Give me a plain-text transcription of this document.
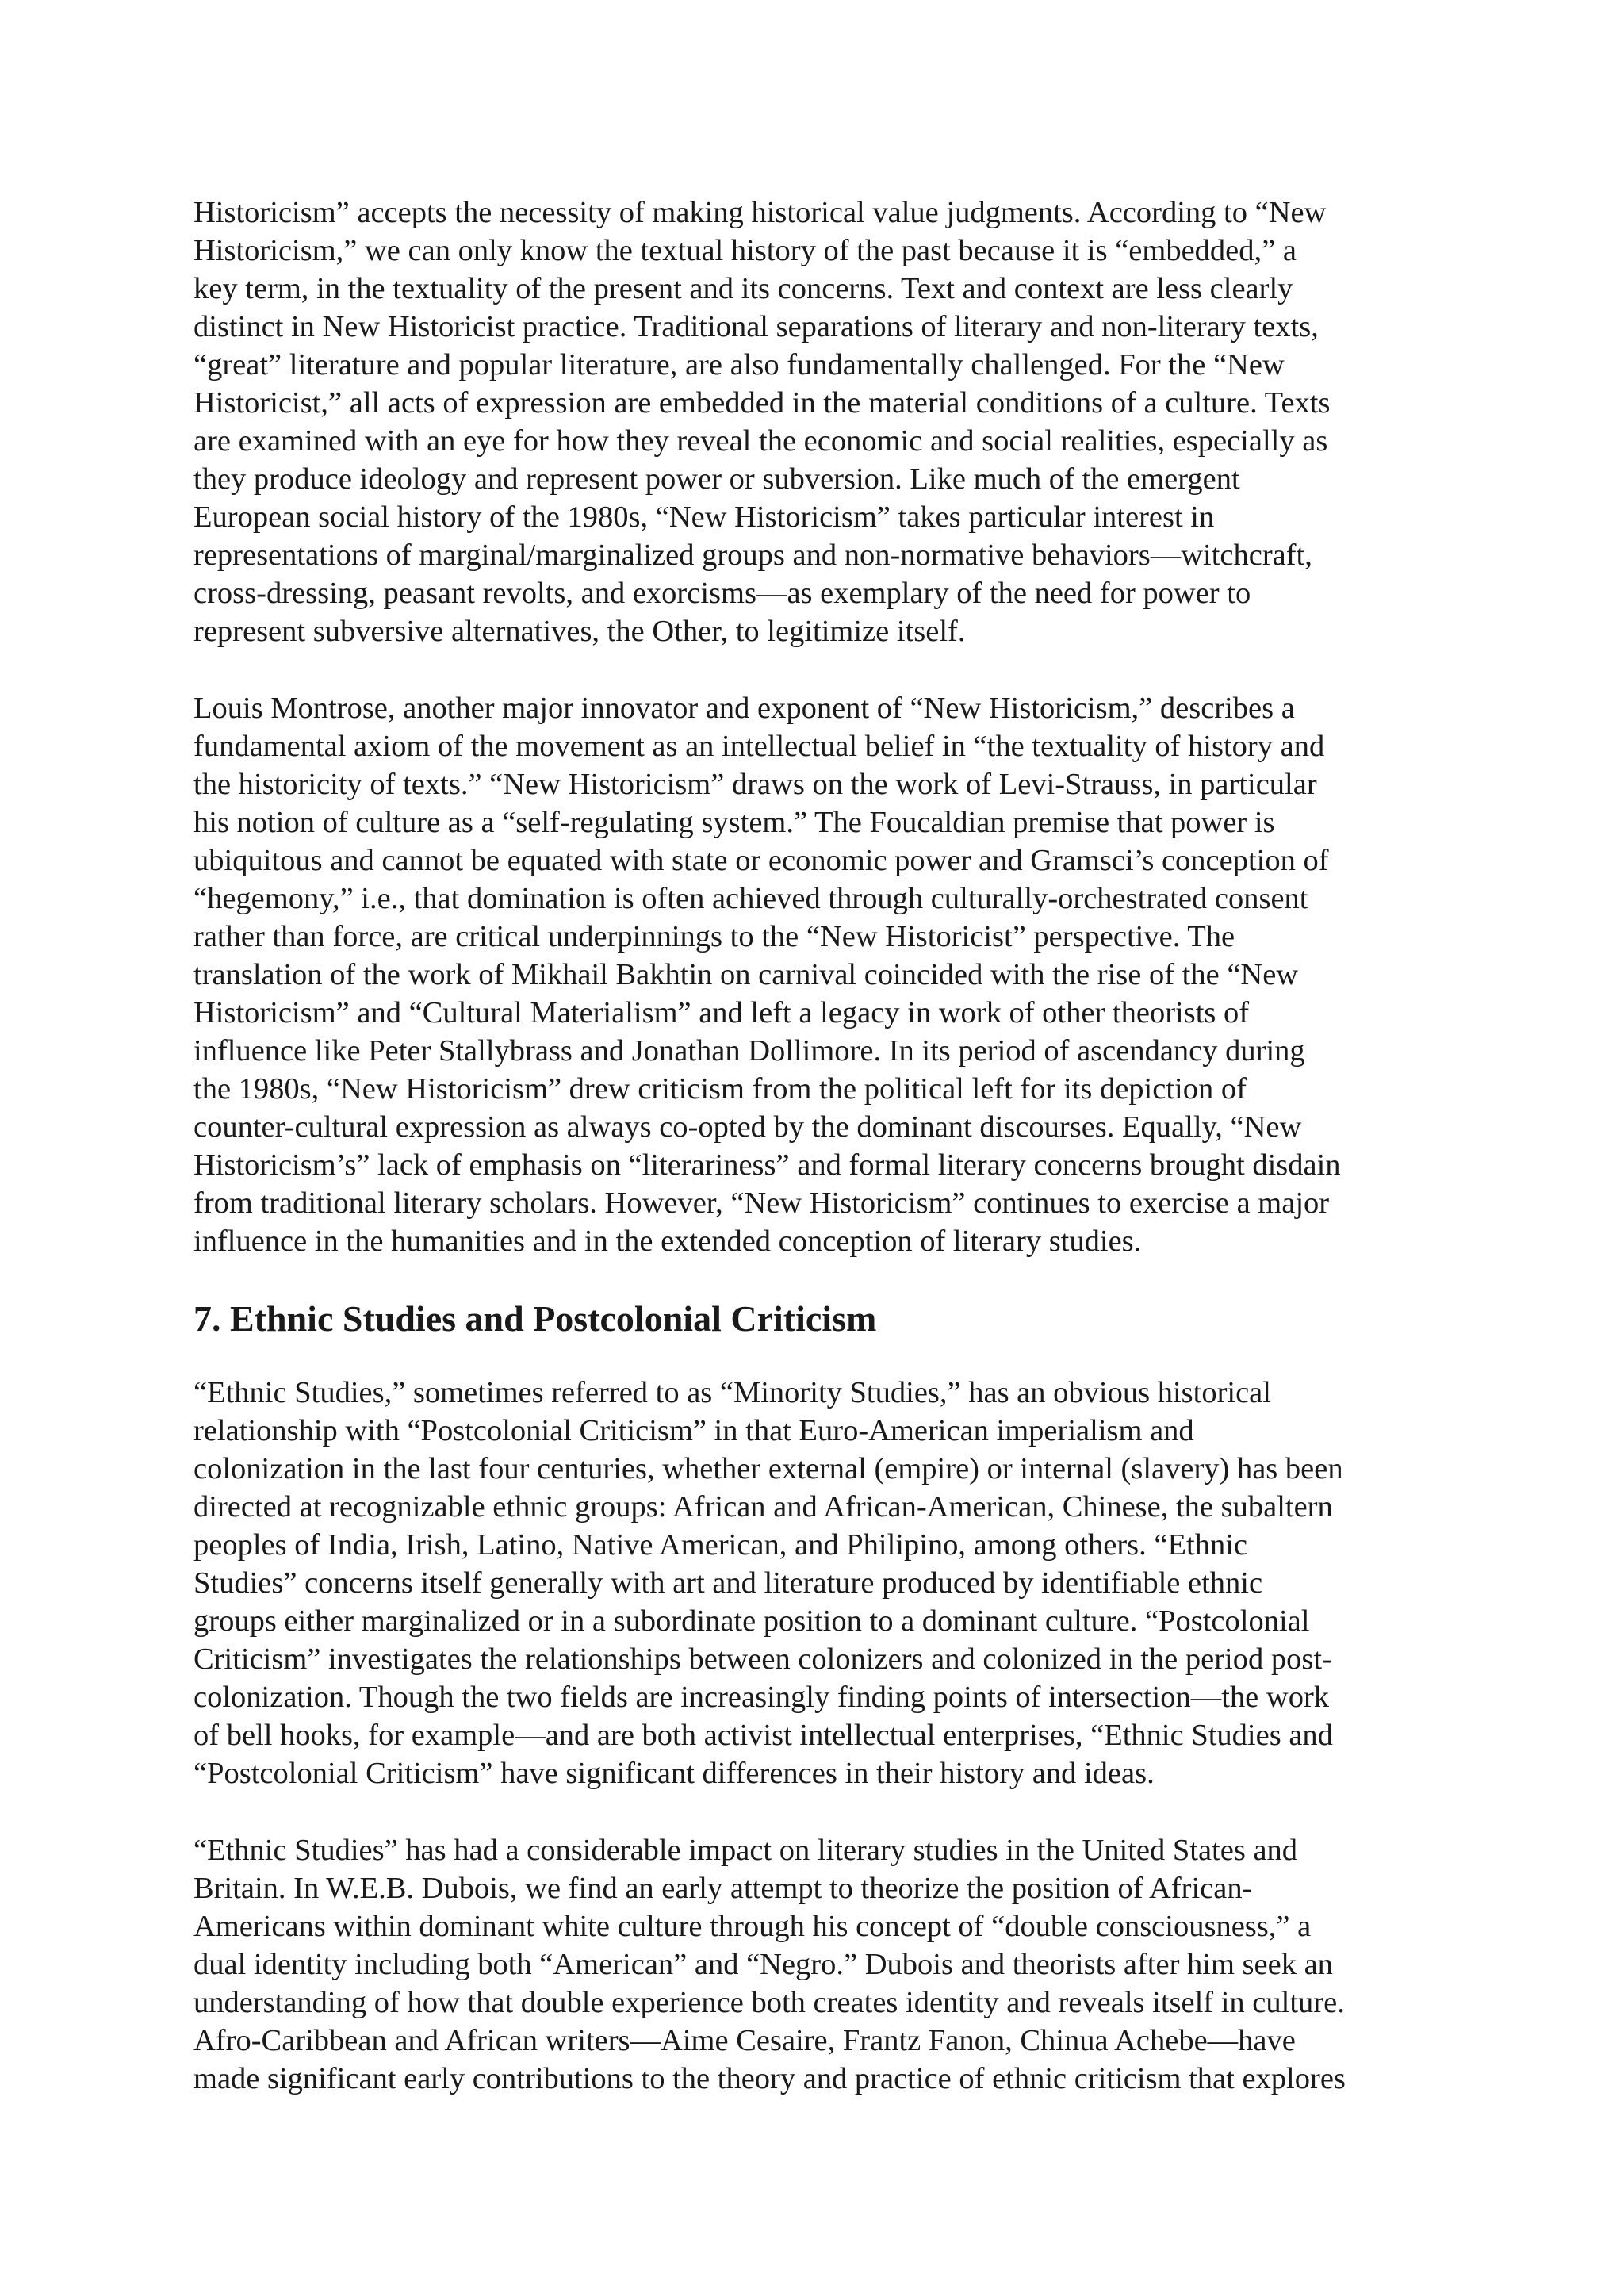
Historicism” accepts the necessity of making historical value judgments. According to “New
Historicism,” we can only know the textual history of the past because it is “embedded,” a
key term, in the textuality of the present and its concerns. Text and context are less clearly
distinct in New Historicist practice. Traditional separations of literary and non-literary texts,
“great” literature and popular literature, are also fundamentally challenged. For the “New
Historicist,” all acts of expression are embedded in the material conditions of a culture. Texts
are examined with an eye for how they reveal the economic and social realities, especially as
they produce ideology and represent power or subversion. Like much of the emergent
European social history of the 1980s, “New Historicism” takes particular interest in
representations of marginal/marginalized groups and non-normative behaviors—witchcraft,
cross-dressing, peasant revolts, and exorcisms—as exemplary of the need for power to
represent subversive alternatives, the Other, to legitimize itself.

Louis Montrose, another major innovator and exponent of “New Historicism,” describes a
fundamental axiom of the movement as an intellectual belief in “the textuality of history and
the historicity of texts.” “New Historicism” draws on the work of Levi-Strauss, in particular
his notion of culture as a “self-regulating system.” The Foucaldian premise that power is
ubiquitous and cannot be equated with state or economic power and Gramsci’s conception of
“hegemony,” i.e., that domination is often achieved through culturally-orchestrated consent
rather than force, are critical underpinnings to the “New Historicist” perspective. The
translation of the work of Mikhail Bakhtin on carnival coincided with the rise of the “New
Historicism” and “Cultural Materialism” and left a legacy in work of other theorists of
influence like Peter Stallybrass and Jonathan Dollimore. In its period of ascendancy during
the 1980s, “New Historicism” drew criticism from the political left for its depiction of
counter-cultural expression as always co-opted by the dominant discourses. Equally, “New
Historicism’s” lack of emphasis on “literariness” and formal literary concerns brought disdain
from traditional literary scholars. However, “New Historicism” continues to exercise a major
influence in the humanities and in the extended conception of literary studies.

7. Ethnic Studies and Postcolonial Criticism

“Ethnic Studies,” sometimes referred to as “Minority Studies,” has an obvious historical
relationship with “Postcolonial Criticism” in that Euro-American imperialism and
colonization in the last four centuries, whether external (empire) or internal (slavery) has been
directed at recognizable ethnic groups: African and African-American, Chinese, the subaltern
peoples of India, Irish, Latino, Native American, and Philipino, among others. “Ethnic
Studies” concerns itself generally with art and literature produced by identifiable ethnic
groups either marginalized or in a subordinate position to a dominant culture. “Postcolonial
Criticism” investigates the relationships between colonizers and colonized in the period post-
colonization. Though the two fields are increasingly finding points of intersection—the work
of bell hooks, for example—and are both activist intellectual enterprises, “Ethnic Studies and
“Postcolonial Criticism” have significant differences in their history and ideas.

“Ethnic Studies” has had a considerable impact on literary studies in the United States and
Britain. In W.E.B. Dubois, we find an early attempt to theorize the position of African-
Americans within dominant white culture through his concept of “double consciousness,” a
dual identity including both “American” and “Negro.” Dubois and theorists after him seek an
understanding of how that double experience both creates identity and reveals itself in culture.
Afro-Caribbean and African writers—Aime Cesaire, Frantz Fanon, Chinua Achebe—have
made significant early contributions to the theory and practice of ethnic criticism that explores
